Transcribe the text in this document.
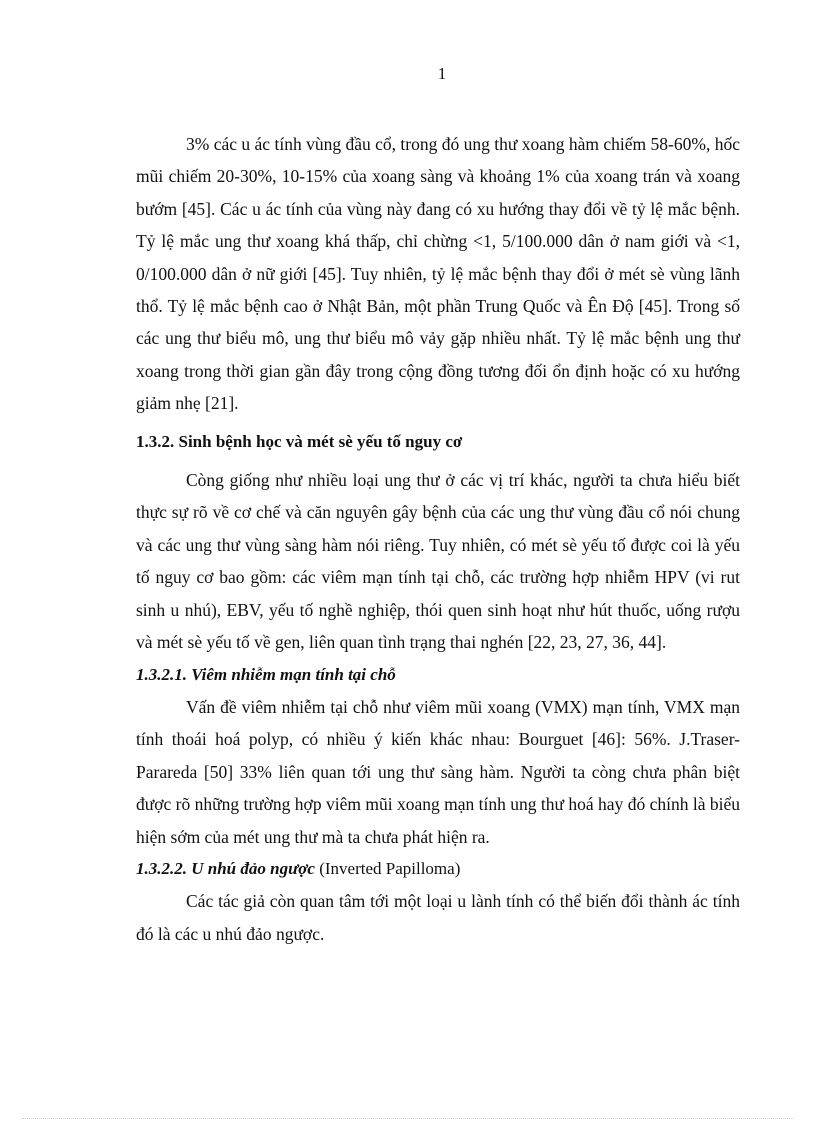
1

3% các u ác tính vùng đầu cổ, trong đó ung thư xoang hàm chiếm 58-60%, hốc mũi chiếm 20-30%, 10-15% của xoang sàng và khoảng 1% của xoang trán và xoang bướm [45]. Các u ác tính của vùng này đang có xu hướng thay đổi về tỷ lệ mắc bệnh. Tỷ lệ mắc ung thư xoang khá thấp, chỉ chừng <1, 5/100.000 dân ở nam giới và <1, 0/100.000 dân ở nữ giới [45]. Tuy nhiên, tỷ lệ mắc bệnh thay đổi ở mét sè vùng lãnh thổ. Tỷ lệ mắc bệnh cao ở Nhật Bản, một phần Trung Quốc và Ên Độ [45]. Trong số các ung thư biểu mô, ung thư biểu mô vảy gặp nhiều nhất. Tỷ lệ mắc bệnh ung thư xoang trong thời gian gần đây trong cộng đồng tương đối ổn định hoặc có xu hướng giảm nhẹ [21].

1.3.2. Sinh bệnh học và mét sè yếu tố nguy cơ

Còng giống như nhiều loại ung thư ở các vị trí khác, người ta chưa hiểu biết thực sự rõ về cơ chế và căn nguyên gây bệnh của các ung thư vùng đầu cổ nói chung và các ung thư vùng sàng hàm nói riêng. Tuy nhiên, có mét sè yếu tố được coi là yếu tố nguy cơ bao gồm: các viêm mạn tính tại chỗ, các trường hợp nhiễm HPV (vi rut sinh u nhú), EBV, yếu tố nghề nghiệp, thói quen sinh hoạt như hút thuốc, uống rượu và mét sè yếu tố về gen, liên quan tình trạng thai nghén [22, 23, 27, 36, 44].

1.3.2.1. Viêm nhiễm mạn tính tại chỗ

Vấn đề viêm nhiễm tại chỗ như viêm mũi xoang (VMX) mạn tính, VMX mạn tính thoái hoá polyp, có nhiều ý kiến khác nhau: Bourguet [46]: 56%. J.Traser- Parareda [50] 33% liên quan tới ung thư sàng hàm. Người ta còng chưa phân biệt được rõ những trường hợp viêm mũi xoang mạn tính ung thư hoá hay đó chính là biểu hiện sớm của mét ung thư mà ta chưa phát hiện ra.

1.3.2.2. U nhú đảo ngược (Inverted Papilloma)

Các tác giả còn quan tâm tới một loại u lành tính có thể biến đổi thành ác tính đó là các u nhú đảo ngược.
